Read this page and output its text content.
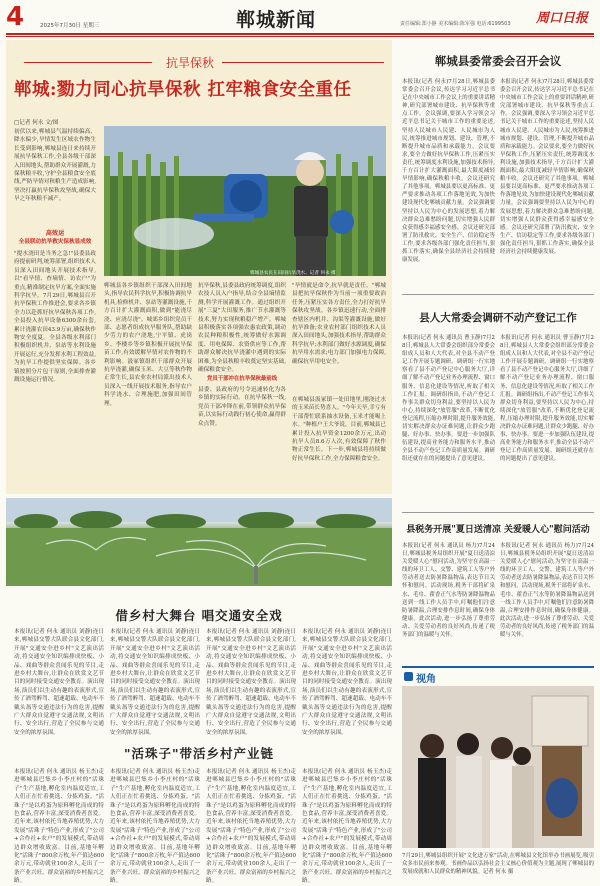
4	2025年7月30日 星期三	郸城新闻	责任编辑:郑小静 美术编辑:陈军强 电话:6199503 周口日报
抗旱保秋
郸城:勠力同心抗旱保秋 扛牢粮食安全重任
□记者 何永 文/图
初伏以来,郸城县气温持续偏高、降水偏少,旱情发生区域农作物生长受到影响,郸城县连日来持续开展抗旱保秋工作,全县各级干部深入田间地头,帮助群众开展灌溉,力保秋粮丰收,守护全县粮食安全底线,严防旱情对秋粮生产造成影响,坚决打赢抗旱保秋攻坚战,确保大旱之年秋粮不减产。
高效运
全县联动抗旱救灾保秋显成效
"提水浇田是当务之急!"县委县政府提前研判,统筹部署,组织技术人员深入田间地头开展技术指导,以"看旱情、查墒情、访农户"为重点,精准制定抗旱方案,全面实施科学抗旱。7月29日,郸城县召开抗旱保秋工作推进会,要求各乡镇全力以赴抓好抗旱保秋各项工作,全县投入抗旱设备6300余台套,累计浇灌农田43.9万亩,确保秋作物安全度夏。全县各级水利部门积极组织机井、泵站等水利设施开展运行,充分发挥水利工程效益,为抗旱工作提供坚实保障。各乡镇按照分片包干原则,全面排查灌溉设施运行情况。
郸城县农民在田间抗旱浇水。记者 何永 摄
郸城县各乡镇组织干部深入田间地头,指导农民科学抗旱,积极协调抗旱机具,检修机井、泵站等灌溉设施,千方百计扩大灌溉面积,做到"能浇尽浇、应浇尽浇"。城郊乡组织党员干部、志愿者组成抗旱服务队,帮助缺少劳力的农户浇地,宁平镇、虎岗乡、李楼乡等乡镇积极开展抗旱保苗工作,有效缓解旱情对农作物的不利影响。汲冢镇组织干部群众开展抗旱浇灌,确保玉米、大豆等秋作物正常生长,县农业农村局派出技术人员深入一线开展技术服务,指导农户科学浇水、合理施肥,加强田间管理。
抗旱保秋,县委县政府统筹调度,组织农技人员入户指导,结合全县墒情监测,科学开展灌溉工作。通过组织开展"三夏"大田服务,推广节水灌溉等技术,努力实现秋粮稳产增产。郸城县积极落实各项强农惠农政策,调动农民种粮积极性,统筹做好水源调度、用电保障、农资供应等工作,帮助群众解决抗旱浇灌中遇到的实际困难,为全县秋粮丰收奠定坚实基础,确保粮食安全。
党员干部冲在抗旱保秋最前线
县委、县政府的号令迅速转化为各乡镇的实际行动。在抗旱保秋一线,党员干部冲锋在前,带领群众抗旱保苗,以实际行动践行初心使命,赢得群众点赞。
"旱情就是命令,抗旱就是责任。"郸城县把抗旱保秋作为当前一项重要政治任务,压紧压实各方责任,全力打好抗旱保秋攻坚战。各乡镇迅速行动,全面排查辖区内机井、沟渠等灌溉设施,做好抗旱准备;农业农村部门组织技术人员深入田间地头,加强技术指导,帮助群众科学抗旱;水利部门做好水源调度,确保抗旱用水需求;电力部门加强电力保障,确保抗旱用电安全。
在郸城县汲冢镇一处田地里,刚浇过水的玉米苗长势喜人。"今年天旱,幸亏有干部帮忙联系抽水设备,玉米才能喝上水。"种植户王大爷说。目前,郸城县已累计投入抗旱资金1200余万元,出动抗旱人员8.6万人次,有效保障了秋作物正常生长。下一步,郸城县将持续做好抗旱保秋工作,全力保障粮食安全。
郸城县委常委会召开会议
本报讯(记者 何永)7月28日,郸城县委常委会召开会议,传达学习习近平总书记在中央城市工作会议上的重要讲话精神,研究部署城市建设、抗旱保秋等重点工作。会议强调,要深入学习领会习近平总书记关于城市工作的重要论述,坚持人民城市人民建、人民城市为人民,统筹推进城市规划、建设、管理,不断提升城市品质和承载能力。会议要求,要全力做好抗旱保秋工作,压紧压实责任,统筹调度水利设施,加强技术指导,千方百计扩大灌溉面积,最大限度减轻旱情影响,确保秋粮丰收。会议还研究了其他事项。郸城县要以更高标准、更严要求推动各项工作落地见效,为加快建设现代化郸城贡献力量。会议强调要坚持以人民为中心的发展思想,着力解决群众急难愁盼问题,切实增强人民群众获得感幸福感安全感。会议还研究部署了防汛救灾、安全生产、信访稳定等工作,要求各级各部门强化责任担当,狠抓工作落实,确保全县经济社会持续健康发展。
本报讯(记者 何永)7月28日,郸城县委常委会召开会议,传达学习习近平总书记在中央城市工作会议上的重要讲话精神,研究部署城市建设、抗旱保秋等重点工作。会议强调,要深入学习领会习近平总书记关于城市工作的重要论述,坚持人民城市人民建、人民城市为人民,统筹推进城市规划、建设、管理,不断提升城市品质和承载能力。会议要求,要全力做好抗旱保秋工作,压紧压实责任,统筹调度水利设施,加强技术指导,千方百计扩大灌溉面积,最大限度减轻旱情影响,确保秋粮丰收。会议还研究了其他事项。郸城县要以更高标准、更严要求推动各项工作落地见效,为加快建设现代化郸城贡献力量。会议强调要坚持以人民为中心的发展思想,着力解决群众急难愁盼问题,切实增强人民群众获得感幸福感安全感。会议还研究部署了防汛救灾、安全生产、信访稳定等工作,要求各级各部门强化责任担当,狠抓工作落实,确保全县经济社会持续健康发展。
县人大常委会调研不动产登记工作
本报讯(记者 何永 通讯员 曹玉静)7月28日,郸城县人大常委会组织部分常委会组成人员和人大代表,对全县不动产登记工作开展专题调研。调研组一行实地察看了县不动产登记中心服务大厅,详细了解不动产登记业务办理流程、窗口服务、信息化建设等情况,听取了相关工作汇报。调研组指出,不动产登记工作事关群众切身利益,要坚持以人民为中心,持续深化"放管服"改革,不断优化登记流程,压缩办理时限,提升服务效能,切实解决群众办证难问题,让群众少跑腿、好办事、快办事。要进一步加强队伍建设,提高业务能力和服务水平,推动全县不动产登记工作高质量发展。调研组还就存在的问题提出了意见建议。
本报讯(记者 何永 通讯员 曹玉静)7月28日,郸城县人大常委会组织部分常委会组成人员和人大代表,对全县不动产登记工作开展专题调研。调研组一行实地察看了县不动产登记中心服务大厅,详细了解不动产登记业务办理流程、窗口服务、信息化建设等情况,听取了相关工作汇报。调研组指出,不动产登记工作事关群众切身利益,要坚持以人民为中心,持续深化"放管服"改革,不断优化登记流程,压缩办理时限,提升服务效能,切实解决群众办证难问题,让群众少跑腿、好办事、快办事。要进一步加强队伍建设,提高业务能力和服务水平,推动全县不动产登记工作高质量发展。调研组还就存在的问题提出了意见建议。
县税务开展"夏日送清凉 关爱暖人心"慰问活动
本报讯(记者 何永 通讯员 杨力)7月24日,郸城县税务局组织开展"夏日送清凉 关爱暖人心"慰问活动,为坚守在高温一线的环卫工人、交警、建筑工人等户外劳动者送去防暑降温物品,表达节日关怀和慰问。活动现场,税务干部将矿泉水、毛巾、藿香正气水等防暑降温物品送到一线工作人员手中,叮嘱他们注意防暑降温,合理安排作息时间,确保身体健康。此次活动,进一步弘扬了尊重劳动、关爱劳动者的良好风尚,传递了税务部门的温暖与关怀。
本报讯(记者 何永 通讯员 杨力)7月24日,郸城县税务局组织开展"夏日送清凉 关爱暖人心"慰问活动,为坚守在高温一线的环卫工人、交警、建筑工人等户外劳动者送去防暑降温物品,表达节日关怀和慰问。活动现场,税务干部将矿泉水、毛巾、藿香正气水等防暑降温物品送到一线工作人员手中,叮嘱他们注意防暑降温,合理安排作息时间,确保身体健康。此次活动,进一步弘扬了尊重劳动、关爱劳动者的良好风尚,传递了税务部门的温暖与关怀。
借乡村大舞台 唱交通安全戏
本报讯(记者 何永 通讯员 刘静)连日来,郸城县交警大队联合县文化部门,开展"交通安全进乡村"文艺演出活动,将交通安全知识编排成快板、小品、戏曲等群众喜闻乐见的节目,走进乡村大舞台,让群众在欣赏文艺节目的同时接受交通安全教育。演出现场,演员们以生动有趣的表演形式,宣传了酒驾醉驾、超速超载、电动车不戴头盔等交通违法行为的危害,提醒广大群众自觉遵守交通法规,文明出行、安全出行,营造了全民参与交通安全的浓厚氛围。
本报讯(记者 何永 通讯员 刘静)连日来,郸城县交警大队联合县文化部门,开展"交通安全进乡村"文艺演出活动,将交通安全知识编排成快板、小品、戏曲等群众喜闻乐见的节目,走进乡村大舞台,让群众在欣赏文艺节目的同时接受交通安全教育。演出现场,演员们以生动有趣的表演形式,宣传了酒驾醉驾、超速超载、电动车不戴头盔等交通违法行为的危害,提醒广大群众自觉遵守交通法规,文明出行、安全出行,营造了全民参与交通安全的浓厚氛围。
本报讯(记者 何永 通讯员 刘静)连日来,郸城县交警大队联合县文化部门,开展"交通安全进乡村"文艺演出活动,将交通安全知识编排成快板、小品、戏曲等群众喜闻乐见的节目,走进乡村大舞台,让群众在欣赏文艺节目的同时接受交通安全教育。演出现场,演员们以生动有趣的表演形式,宣传了酒驾醉驾、超速超载、电动车不戴头盔等交通违法行为的危害,提醒广大群众自觉遵守交通法规,文明出行、安全出行,营造了全民参与交通安全的浓厚氛围。
本报讯(记者 何永 通讯员 刘静)连日来,郸城县交警大队联合县文化部门,开展"交通安全进乡村"文艺演出活动,将交通安全知识编排成快板、小品、戏曲等群众喜闻乐见的节目,走进乡村大舞台,让群众在欣赏文艺节目的同时接受交通安全教育。演出现场,演员们以生动有趣的表演形式,宣传了酒驾醉驾、超速超载、电动车不戴头盔等交通违法行为的危害,提醒广大群众自觉遵守交通法规,文明出行、安全出行,营造了全民参与交通安全的浓厚氛围。
"活珠子"带活乡村产业链
本报讯(记者 何永 通讯员 杨玉杰)走进郸城县巴集乡小李庄村的"活珠子"生产基地,孵化室内温度适宜,工人们正在忙着挑选、分拣鸡蛋。"活珠子"是以鸡蛋为原料孵化而成的特色食品,营养丰富,深受消费者喜爱。近年来,该村依托当地养殖优势,大力发展"活珠子"特色产业,形成了"公司+合作社+农户"的发展模式,带动周边群众增收致富。目前,基地年孵化"活珠子"800余万枚,年产值达600余万元,带动就业100余人,走出了一条产业兴旺、群众富裕的乡村振兴之路。
本报讯(记者 何永 通讯员 杨玉杰)走进郸城县巴集乡小李庄村的"活珠子"生产基地,孵化室内温度适宜,工人们正在忙着挑选、分拣鸡蛋。"活珠子"是以鸡蛋为原料孵化而成的特色食品,营养丰富,深受消费者喜爱。近年来,该村依托当地养殖优势,大力发展"活珠子"特色产业,形成了"公司+合作社+农户"的发展模式,带动周边群众增收致富。目前,基地年孵化"活珠子"800余万枚,年产值达600余万元,带动就业100余人,走出了一条产业兴旺、群众富裕的乡村振兴之路。
本报讯(记者 何永 通讯员 杨玉杰)走进郸城县巴集乡小李庄村的"活珠子"生产基地,孵化室内温度适宜,工人们正在忙着挑选、分拣鸡蛋。"活珠子"是以鸡蛋为原料孵化而成的特色食品,营养丰富,深受消费者喜爱。近年来,该村依托当地养殖优势,大力发展"活珠子"特色产业,形成了"公司+合作社+农户"的发展模式,带动周边群众增收致富。目前,基地年孵化"活珠子"800余万枚,年产值达600余万元,带动就业100余人,走出了一条产业兴旺、群众富裕的乡村振兴之路。
本报讯(记者 何永 通讯员 杨玉杰)走进郸城县巴集乡小李庄村的"活珠子"生产基地,孵化室内温度适宜,工人们正在忙着挑选、分拣鸡蛋。"活珠子"是以鸡蛋为原料孵化而成的特色食品,营养丰富,深受消费者喜爱。近年来,该村依托当地养殖优势,大力发展"活珠子"特色产业,形成了"公司+合作社+农户"的发展模式,带动周边群众增收致富。目前,基地年孵化"活珠子"800余万枚,年产值达600余万元,带动就业100余人,走出了一条产业兴旺、群众富裕的乡村振兴之路。
视角
7月29日,郸城县组织开展"文化进万家"活动,在郸城县文化馆举办书画展览,吸引众多市民前来参观。书画作品以弘扬社会主义核心价值观为主题,展现了郸城县的发展成就和人民群众的精神风貌。记者 何永 摄
